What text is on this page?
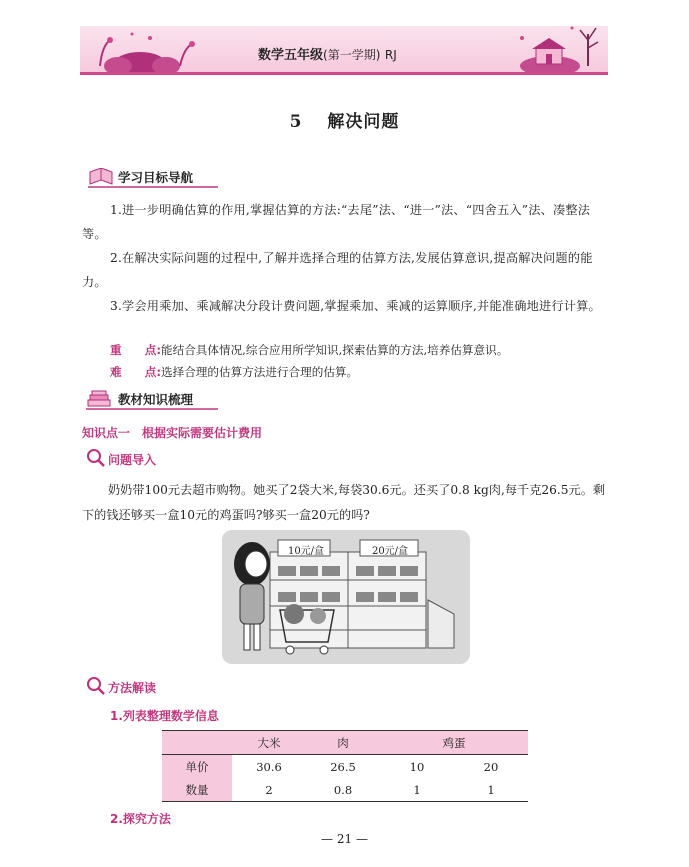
数学五年级(第一学期) RJ
5　 解决问题
学习目标导航
1.进一步明确估算的作用,掌握估算的方法:“去尾”法、“进一”法、“四舍五入”法、凑整法等。
2.在解决实际问题的过程中,了解并选择合理的估算方法,发展估算意识,提高解决问题的能力。
3.学会用乘加、乘减解决分段计费问题,掌握乘加、乘减的运算顺序,并能准确地进行计算。
重　　点:能结合具体情况,综合应用所学知识,探索估算的方法,培养估算意识。
难　　点:选择合理的估算方法进行合理的估算。
教材知识梳理
知识点一　根据实际需要估计费用
问题导入
奶奶带100元去超市购物。她买了2袋大米,每袋30.6元。还买了0.8 kg肉,每千克26.5元。剩下的钱还够买一盒10元的鸡蛋吗?够买一盒20元的吗?
10元/盒	20元/盒
方法解读
1.列表整理数学信息
	大米	肉	鸡蛋	
单价	30.6	26.5	10	20
数量	2	0.8	1	1
2.探究方法
— 21 —
